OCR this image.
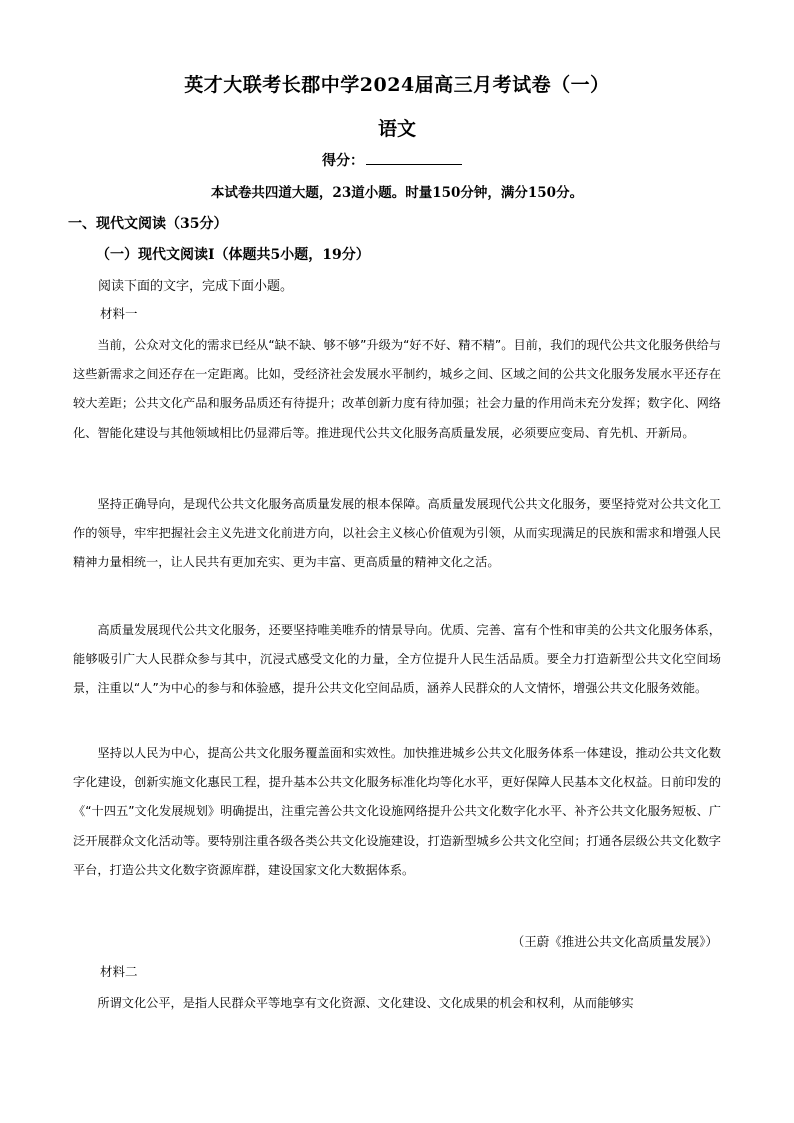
英才大联考长郡中学2024届高三月考试卷（一）
语文
得分：
本试卷共四道大题，23道小题。时量150分钟，满分150分。
一、现代文阅读（35分）
（一）现代文阅读Ⅰ（体题共5小题，19分）
阅读下面的文字，完成下面小题。
材料一
当前，公众对文化的需求已经从“缺不缺、够不够”升级为“好不好、精不精”。目前，我们的现代公共文化服务供给与这些新需求之间还存在一定距离。比如，受经济社会发展水平制约，城乡之间、区域之间的公共文化服务发展水平还存在较大差距；公共文化产品和服务品质还有待提升；改革创新力度有待加强；社会力量的作用尚未充分发挥；数字化、网络化、智能化建设与其他领域相比仍显滞后等。推进现代公共文化服务高质量发展，必须要应变局、育先机、开新局。
坚持正确导向，是现代公共文化服务高质量发展的根本保障。高质量发展现代公共文化服务，要坚持党对公共文化工作的领导，牢牢把握社会主义先进文化前进方向，以社会主义核心价值观为引领，从而实现满足的民族和需求和增强人民精神力量相统一，让人民共有更加充实、更为丰富、更高质量的精神文化之活。
高质量发展现代公共文化服务，还要坚持唯美唯乔的情景导向。优质、完善、富有个性和审美的公共文化服务体系，能够吸引广大人民群众参与其中，沉浸式感受文化的力量，全方位提升人民生活品质。要全力打造新型公共文化空间场景，注重以“人”为中心的参与和体验感，提升公共文化空间品质，涵养人民群众的人文情怀，增强公共文化服务效能。
坚持以人民为中心，提高公共文化服务覆盖面和实效性。加快推进城乡公共文化服务体系一体建设，推动公共文化数字化建设，创新实施文化惠民工程，提升基本公共文化服务标准化均等化水平，更好保障人民基本文化权益。日前印发的《“十四五”文化发展规划》明确提出，注重完善公共文化设施网络提升公共文化数字化水平、补齐公共文化服务短板、广泛开展群众文化活动等。要特别注重各级各类公共文化设施建设，打造新型城乡公共文化空间；打通各层级公共文化数字平台，打造公共文化数字资源库群，建设国家文化大数据体系。
（王蔚《推进公共文化高质量发展》）
材料二
所谓文化公平，是指人民群众平等地享有文化资源、文化建设、文化成果的机会和权利，从而能够实
